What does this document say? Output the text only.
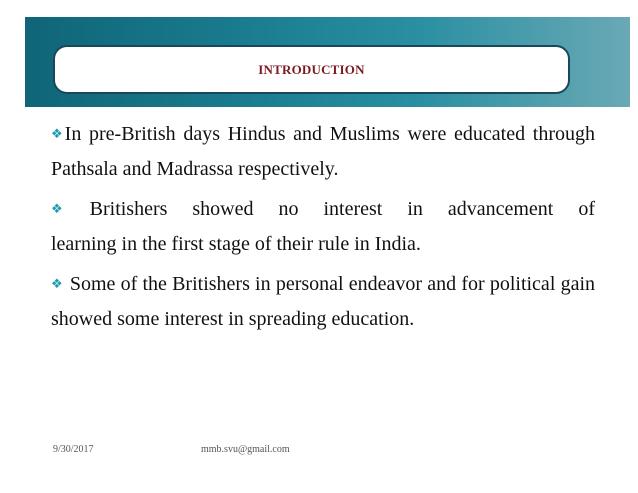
INTRODUCTION
❖ In pre-British days Hindus and Muslims were educated through Pathsala and Madrassa respectively.
❖ Britishers showed no interest in advancement of
learning in the first stage of their rule in India.
❖ Some of the Britishers in personal endeavor and for political gain showed some interest in spreading education.
9/30/2017	mmb.svu@gmail.com
